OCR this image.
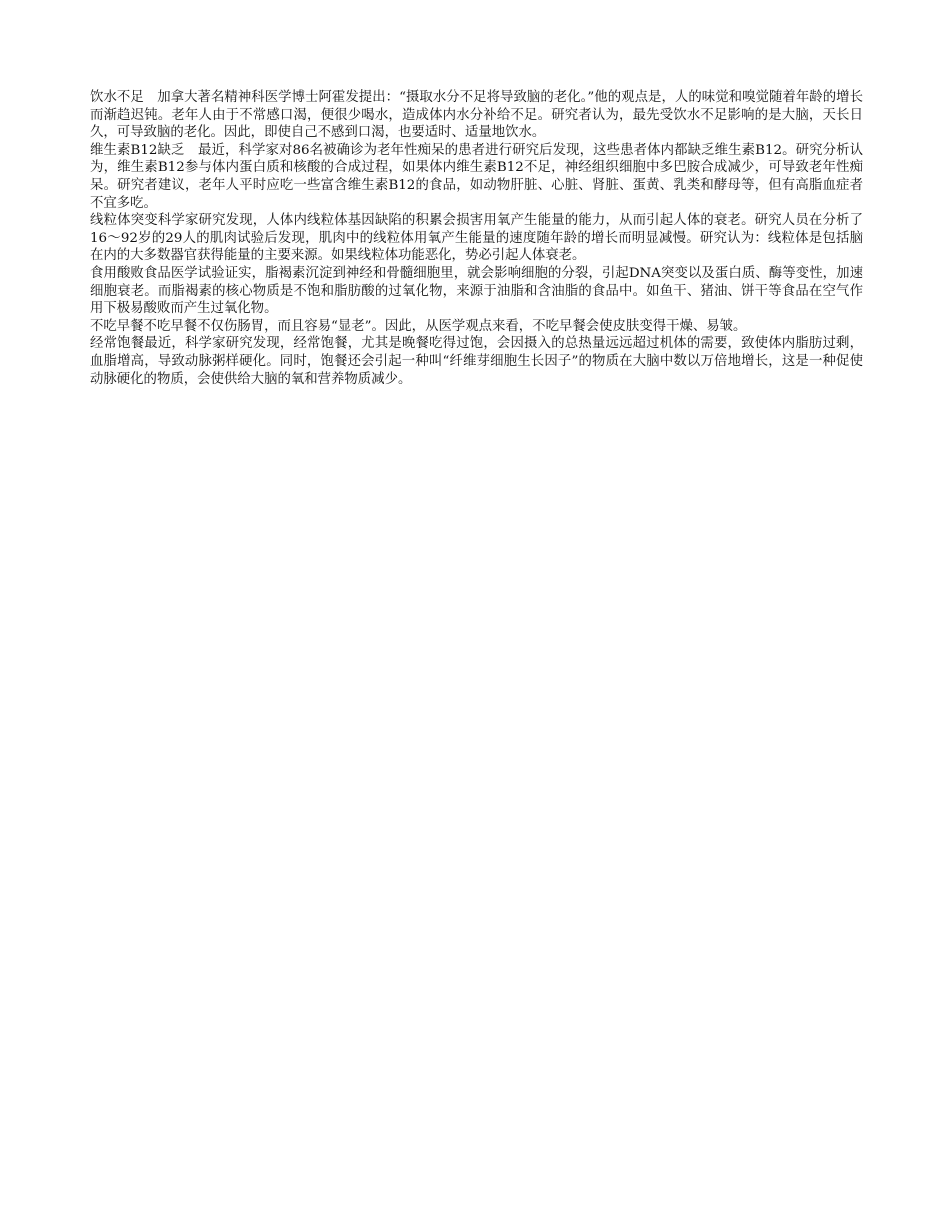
饮水不足　加拿大著名精神科医学博士阿霍发提出：“摄取水分不足将导致脑的老化。”他的观点是，人的味觉和嗅觉随着年龄的增长而渐趋迟钝。老年人由于不常感口渴，便很少喝水，造成体内水分补给不足。研究者认为，最先受饮水不足影响的是大脑，天长日久，可导致脑的老化。因此，即使自己不感到口渴，也要适时、适量地饮水。

维生素B12缺乏　最近，科学家对86名被确诊为老年性痴呆的患者进行研究后发现，这些患者体内都缺乏维生素B12。研究分析认为，维生素B12参与体内蛋白质和核酸的合成过程，如果体内维生素B12不足，神经组织细胞中多巴胺合成减少，可导致老年性痴呆。研究者建议，老年人平时应吃一些富含维生素B12的食品，如动物肝脏、心脏、肾脏、蛋黄、乳类和酵母等，但有高脂血症者不宜多吃。

线粒体突变科学家研究发现，人体内线粒体基因缺陷的积累会损害用氧产生能量的能力，从而引起人体的衰老。研究人员在分析了16～92岁的29人的肌肉试验后发现，肌肉中的线粒体用氧产生能量的速度随年龄的增长而明显减慢。研究认为：线粒体是包括脑在内的大多数器官获得能量的主要来源。如果线粒体功能恶化，势必引起人体衰老。

食用酸败食品医学试验证实，脂褐素沉淀到神经和骨髓细胞里，就会影响细胞的分裂，引起DNA突变以及蛋白质、酶等变性，加速细胞衰老。而脂褐素的核心物质是不饱和脂肪酸的过氧化物，来源于油脂和含油脂的食品中。如鱼干、猪油、饼干等食品在空气作用下极易酸败而产生过氧化物。

不吃早餐不吃早餐不仅伤肠胃，而且容易“显老”。因此，从医学观点来看，不吃早餐会使皮肤变得干燥、易皱。

经常饱餐最近，科学家研究发现，经常饱餐，尤其是晚餐吃得过饱，会因摄入的总热量远远超过机体的需要，致使体内脂肪过剩，血脂增高，导致动脉粥样硬化。同时，饱餐还会引起一种叫“纤维芽细胞生长因子”的物质在大脑中数以万倍地增长，这是一种促使动脉硬化的物质，会使供给大脑的氧和营养物质减少。
